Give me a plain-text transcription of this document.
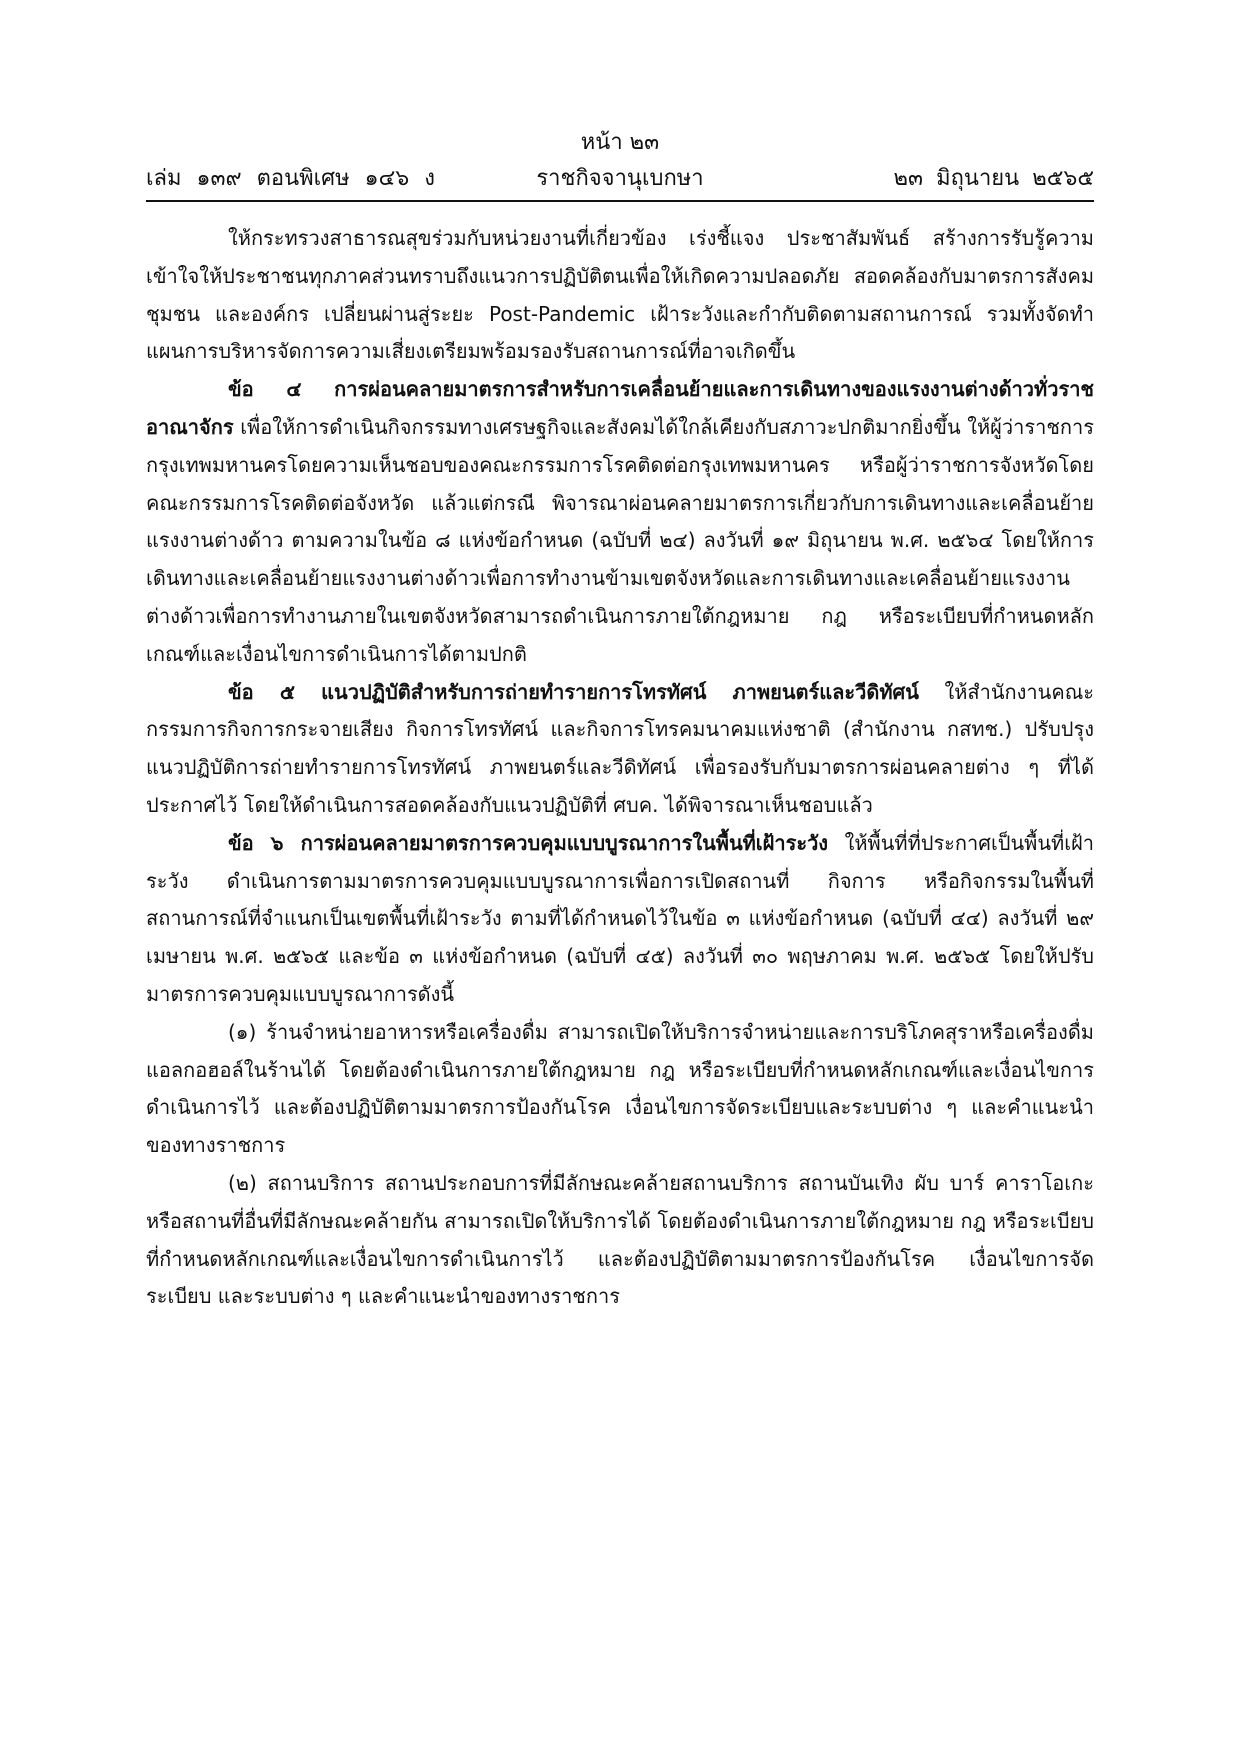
หน้า ๒๓
เล่ม ๑๓๙ ตอนพิเศษ ๑๔๖ ง	ราชกิจจานุเบกษา	๒๓ มิถุนายน ๒๕๖๕

ให้กระทรวงสาธารณสุขร่วมกับหน่วยงานที่เกี่ยวข้อง เร่งชี้แจง ประชาสัมพันธ์ สร้างการรับรู้ความเข้าใจให้ประชาชนทุกภาคส่วนทราบถึงแนวการปฏิบัติตนเพื่อให้เกิดความปลอดภัย สอดคล้องกับมาตรการสังคม ชุมชน และองค์กร เปลี่ยนผ่านสู่ระยะ Post-Pandemic เฝ้าระวังและกำกับติดตามสถานการณ์ รวมทั้งจัดทำแผนการบริหารจัดการความเสี่ยงเตรียมพร้อมรองรับสถานการณ์ที่อาจเกิดขึ้น

ข้อ ๔ การผ่อนคลายมาตรการสำหรับการเคลื่อนย้ายและการเดินทางของแรงงานต่างด้าวทั่วราชอาณาจักร เพื่อให้การดำเนินกิจกรรมทางเศรษฐกิจและสังคมได้ใกล้เคียงกับสภาวะปกติมากยิ่งขึ้น ให้ผู้ว่าราชการกรุงเทพมหานครโดยความเห็นชอบของคณะกรรมการโรคติดต่อกรุงเทพมหานคร หรือผู้ว่าราชการจังหวัดโดยคณะกรรมการโรคติดต่อจังหวัด แล้วแต่กรณี พิจารณาผ่อนคลายมาตรการเกี่ยวกับการเดินทางและเคลื่อนย้ายแรงงานต่างด้าว ตามความในข้อ ๘ แห่งข้อกำหนด (ฉบับที่ ๒๔) ลงวันที่ ๑๙ มิถุนายน พ.ศ. ๒๕๖๔ โดยให้การเดินทางและเคลื่อนย้ายแรงงานต่างด้าวเพื่อการทำงานข้ามเขตจังหวัดและการเดินทางและเคลื่อนย้ายแรงงานต่างด้าวเพื่อการทำงานภายในเขตจังหวัดสามารถดำเนินการภายใต้กฎหมาย กฎ หรือระเบียบที่กำหนดหลักเกณฑ์และเงื่อนไขการดำเนินการได้ตามปกติ

ข้อ ๕ แนวปฏิบัติสำหรับการถ่ายทำรายการโทรทัศน์ ภาพยนตร์และวีดิทัศน์ ให้สำนักงานคณะกรรมการกิจการกระจายเสียง กิจการโทรทัศน์ และกิจการโทรคมนาคมแห่งชาติ (สำนักงาน กสทช.) ปรับปรุงแนวปฏิบัติการถ่ายทำรายการโทรทัศน์ ภาพยนตร์และวีดิทัศน์ เพื่อรองรับกับมาตรการผ่อนคลายต่าง ๆ ที่ได้ประกาศไว้ โดยให้ดำเนินการสอดคล้องกับแนวปฏิบัติที่ ศบค. ได้พิจารณาเห็นชอบแล้ว

ข้อ ๖ การผ่อนคลายมาตรการควบคุมแบบบูรณาการในพื้นที่เฝ้าระวัง ให้พื้นที่ที่ประกาศเป็นพื้นที่เฝ้าระวัง ดำเนินการตามมาตรการควบคุมแบบบูรณาการเพื่อการเปิดสถานที่ กิจการ หรือกิจกรรมในพื้นที่สถานการณ์ที่จำแนกเป็นเขตพื้นที่เฝ้าระวัง ตามที่ได้กำหนดไว้ในข้อ ๓ แห่งข้อกำหนด (ฉบับที่ ๔๔) ลงวันที่ ๒๙ เมษายน พ.ศ. ๒๕๖๕ และข้อ ๓ แห่งข้อกำหนด (ฉบับที่ ๔๕) ลงวันที่ ๓๐ พฤษภาคม พ.ศ. ๒๕๖๕ โดยให้ปรับมาตรการควบคุมแบบบูรณาการดังนี้

(๑) ร้านจำหน่ายอาหารหรือเครื่องดื่ม สามารถเปิดให้บริการจำหน่ายและการบริโภคสุราหรือเครื่องดื่มแอลกอฮอล์ในร้านได้ โดยต้องดำเนินการภายใต้กฎหมาย กฎ หรือระเบียบที่กำหนดหลักเกณฑ์และเงื่อนไขการดำเนินการไว้ และต้องปฏิบัติตามมาตรการป้องกันโรค เงื่อนไขการจัดระเบียบและระบบต่าง ๆ และคำแนะนำของทางราชการ

(๒) สถานบริการ สถานประกอบการที่มีลักษณะคล้ายสถานบริการ สถานบันเทิง ผับ บาร์ คาราโอเกะหรือสถานที่อื่นที่มีลักษณะคล้ายกัน สามารถเปิดให้บริการได้ โดยต้องดำเนินการภายใต้กฎหมาย กฎ หรือระเบียบที่กำหนดหลักเกณฑ์และเงื่อนไขการดำเนินการไว้ และต้องปฏิบัติตามมาตรการป้องกันโรค เงื่อนไขการจัดระเบียบ และระบบต่าง ๆ และคำแนะนำของทางราชการ
